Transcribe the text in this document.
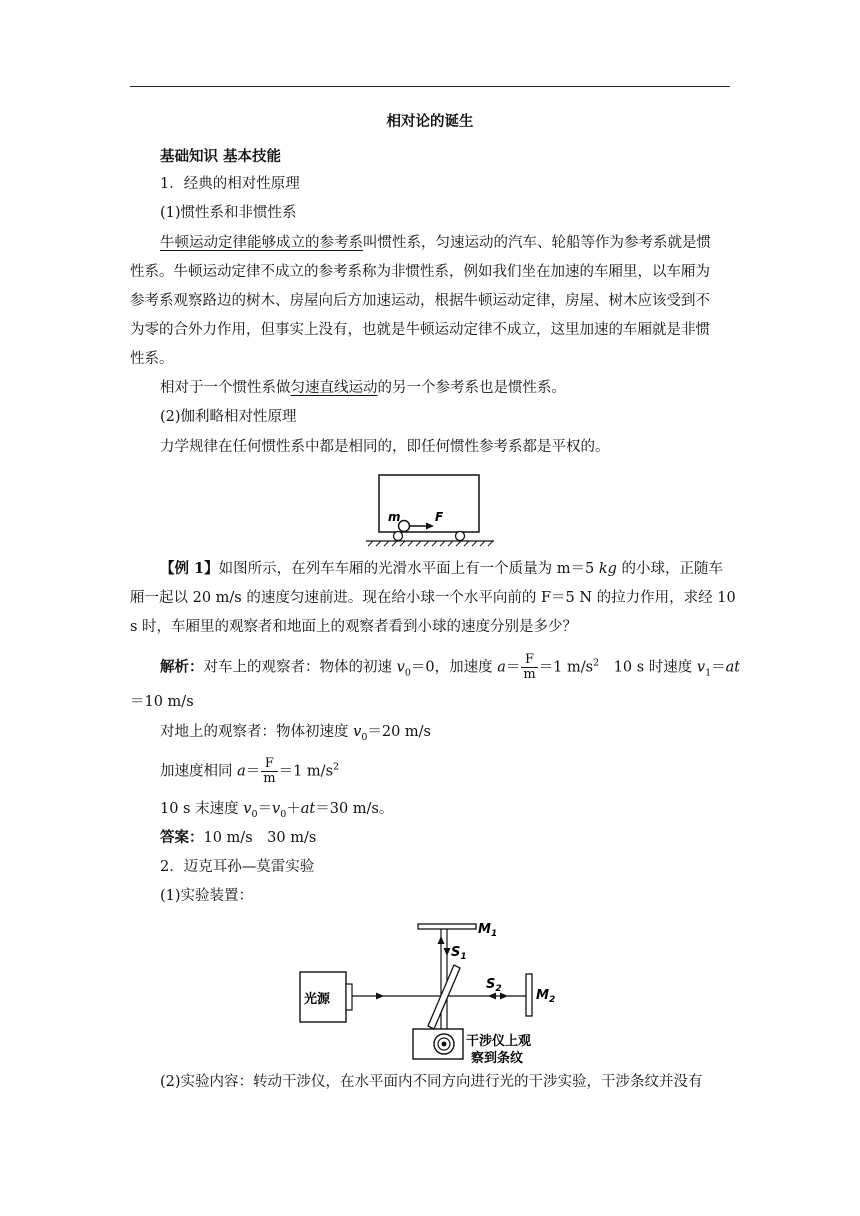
相对论的诞生
基础知识 基本技能
1．经典的相对性原理
(1)惯性系和非惯性系
牛顿运动定律能够成立的参考系叫惯性系，匀速运动的汽车、轮船等作为参考系就是惯
性系。牛顿运动定律不成立的参考系称为非惯性系，例如我们坐在加速的车厢里，以车厢为
参考系观察路边的树木、房屋向后方加速运动，根据牛顿运动定律，房屋、树木应该受到不
为零的合外力作用，但事实上没有，也就是牛顿运动定律不成立，这里加速的车厢就是非惯
性系。
相对于一个惯性系做匀速直线运动的另一个参考系也是惯性系。
(2)伽利略相对性原理
力学规律在任何惯性系中都是相同的，即任何惯性参考系都是平权的。
m	F
【例 1】如图所示，在列车车厢的光滑水平面上有一个质量为 m＝5 kg 的小球，正随车
厢一起以 20 m/s 的速度匀速前进。现在给小球一个水平向前的 F＝5 N 的拉力作用，求经 10
s 时，车厢里的观察者和地面上的观察者看到小球的速度分别是多少？
解析：对车上的观察者：物体的初速 $v_0=0$，加速度 $a= \frac{F}{m} =1$ $m/s^2$　10 s 时速度 $v_1=at$
＝10 m/s
对地上的观察者：物体初速度 $v_0=20$ m/s
加速度相同 $a= \frac{F}{m} =1$ $m/s^2$
10 s 末速度 $v_0=v_0+at=30$ m/s。
答案：10 m/s　30 m/s
2．迈克耳孙—莫雷实验
(1)实验装置：
光源
$M_1$
$S_1$
$M_2$
$S_2$
干涉仪上观
察到条纹
(2)实验内容：转动干涉仪，在水平面内不同方向进行光的干涉实验，干涉条纹并没有
